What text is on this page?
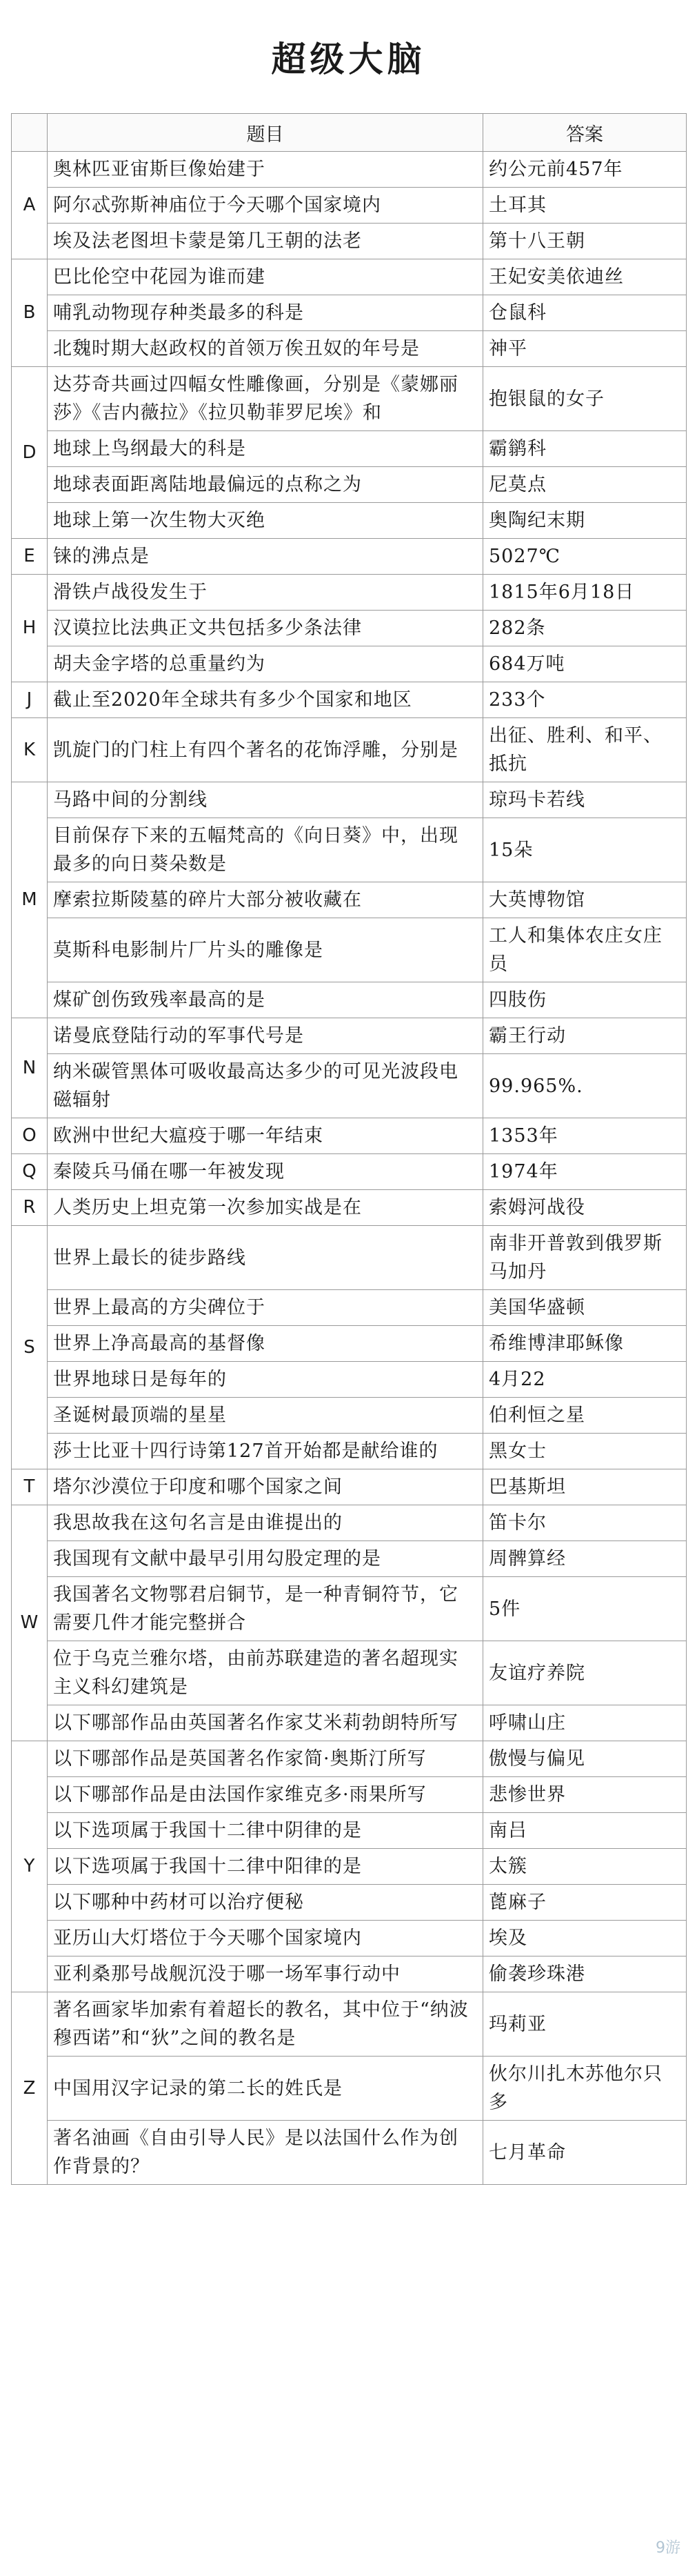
超级大脑
	题目	答案
A	奥林匹亚宙斯巨像始建于	约公元前457年
	阿尔忒弥斯神庙位于今天哪个国家境内	土耳其
	埃及法老图坦卡蒙是第几王朝的法老	第十八王朝
B	巴比伦空中花园为谁而建	王妃安美依迪丝
	哺乳动物现存种类最多的科是	仓鼠科
	北魏时期大赵政权的首领万俟丑奴的年号是	神平
D	达芬奇共画过四幅女性雕像画，分别是《蒙娜丽莎》《吉内薇拉》《拉贝勒菲罗尼埃》和	抱银鼠的女子
	地球上鸟纲最大的科是	霸鹟科
	地球表面距离陆地最偏远的点称之为	尼莫点
	地球上第一次生物大灭绝	奥陶纪末期
E	铼的沸点是	5027℃
H	滑铁卢战役发生于	1815年6月18日
	汉谟拉比法典正文共包括多少条法律	282条
	胡夫金字塔的总重量约为	684万吨
J	截止至2020年全球共有多少个国家和地区	233个
K	凯旋门的门柱上有四个著名的花饰浮雕，分别是	出征、胜利、和平、抵抗
M	马路中间的分割线	琼玛卡若线
	目前保存下来的五幅梵高的《向日葵》中，出现最多的向日葵朵数是	15朵
	摩索拉斯陵墓的碎片大部分被收藏在	大英博物馆
	莫斯科电影制片厂片头的雕像是	工人和集体农庄女庄员
	煤矿创伤致残率最高的是	四肢伤
N	诺曼底登陆行动的军事代号是	霸王行动
	纳米碳管黑体可吸收最高达多少的可见光波段电磁辐射	99.965%.
O	欧洲中世纪大瘟疫于哪一年结束	1353年
Q	秦陵兵马俑在哪一年被发现	1974年
R	人类历史上坦克第一次参加实战是在	索姆河战役
S	世界上最长的徒步路线	南非开普敦到俄罗斯马加丹
	世界上最高的方尖碑位于	美国华盛顿
	世界上净高最高的基督像	希维博津耶稣像
	世界地球日是每年的	4月22
	圣诞树最顶端的星星	伯利恒之星
	莎士比亚十四行诗第127首开始都是献给谁的	黑女士
T	塔尔沙漠位于印度和哪个国家之间	巴基斯坦
W	我思故我在这句名言是由谁提出的	笛卡尔
	我国现有文献中最早引用勾股定理的是	周髀算经
	我国著名文物鄂君启铜节，是一种青铜符节，它需要几件才能完整拼合	5件
	位于乌克兰雅尔塔，由前苏联建造的著名超现实主义科幻建筑是	友谊疗养院
	以下哪部作品由英国著名作家艾米莉勃朗特所写	呼啸山庄
Y	以下哪部作品是英国著名作家简·奥斯汀所写	傲慢与偏见
	以下哪部作品是由法国作家维克多·雨果所写	悲惨世界
	以下选项属于我国十二律中阴律的是	南吕
	以下选项属于我国十二律中阳律的是	太簇
	以下哪种中药材可以治疗便秘	蓖麻子
	亚历山大灯塔位于今天哪个国家境内	埃及
	亚利桑那号战舰沉没于哪一场军事行动中	偷袭珍珠港
Z	著名画家毕加索有着超长的教名，其中位于“纳波穆西诺”和“狄”之间的教名是	玛莉亚
	中国用汉字记录的第二长的姓氏是	伙尔川扎木苏他尔只多
	著名油画《自由引导人民》是以法国什么作为创作背景的？	七月革命
9游
